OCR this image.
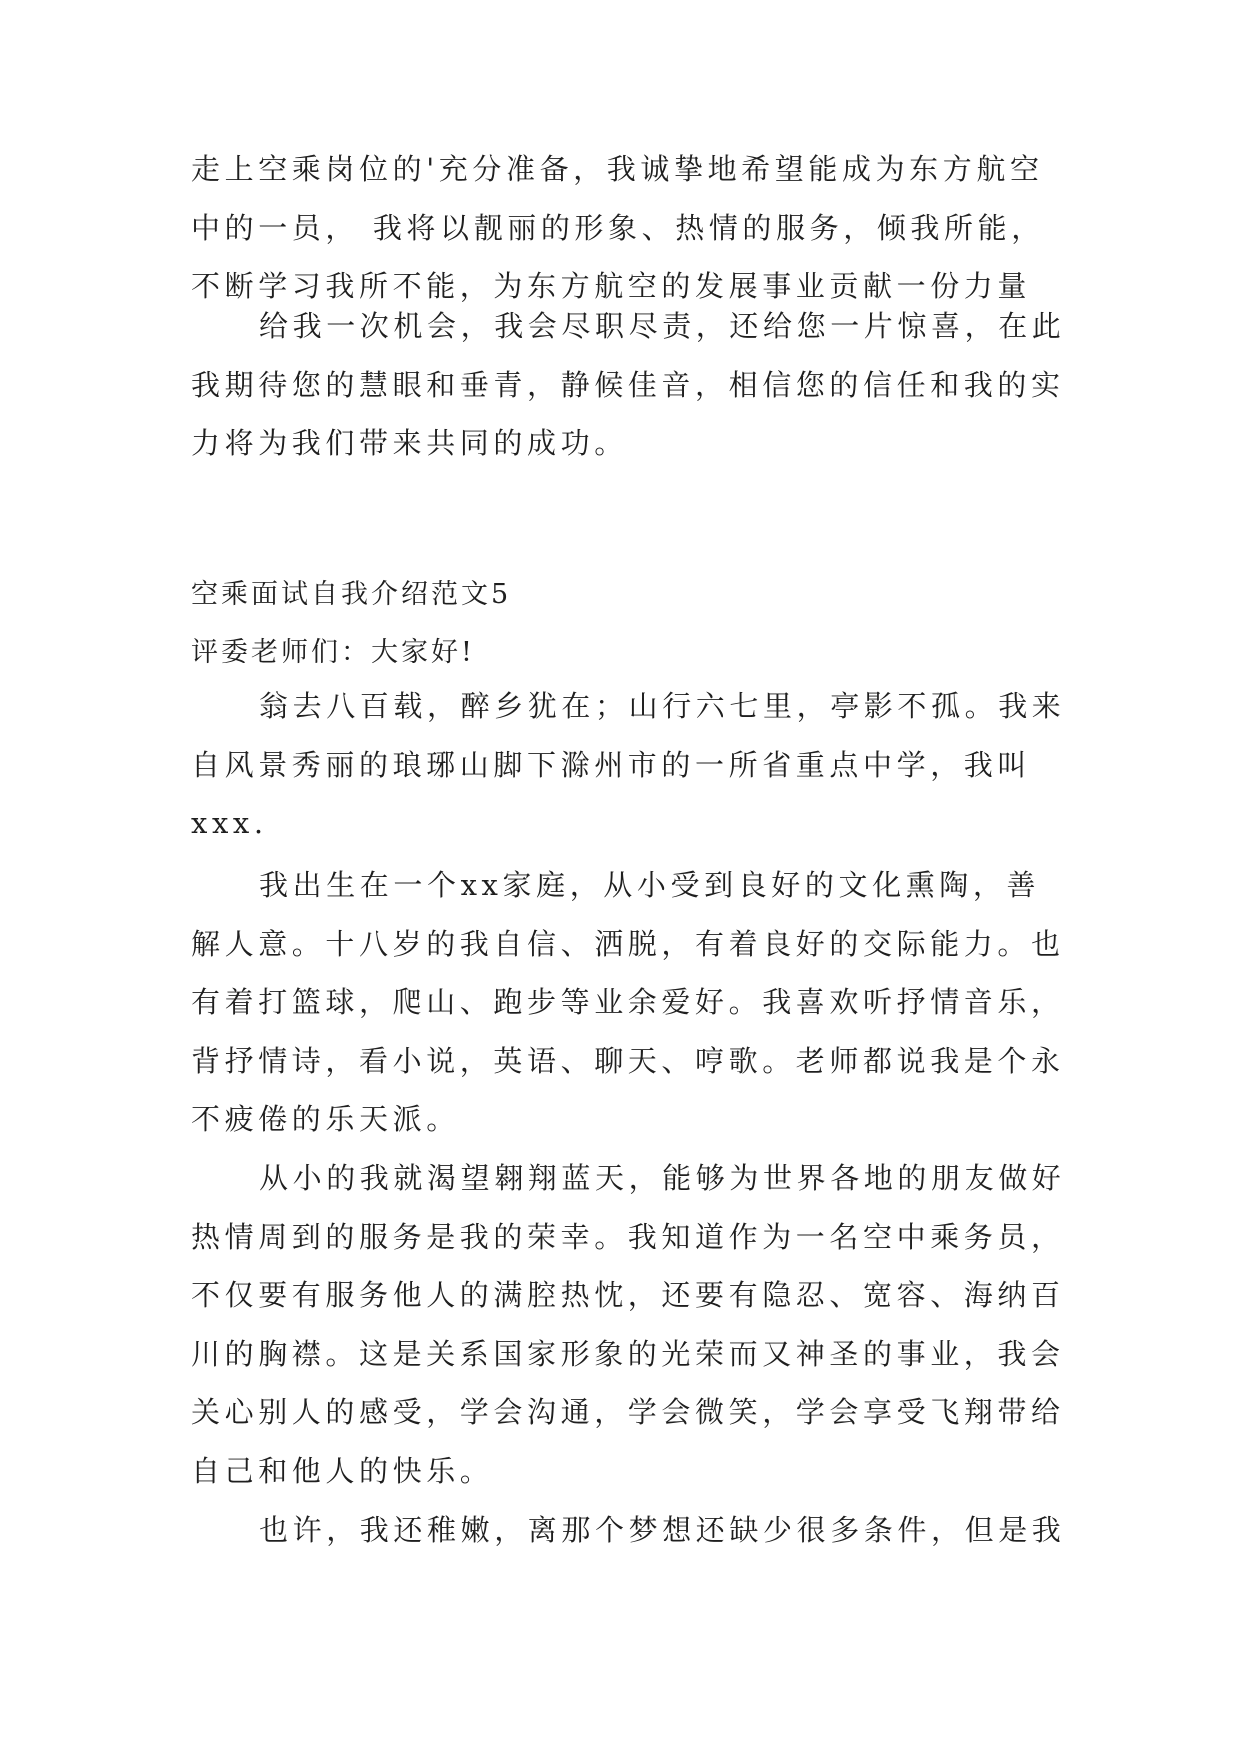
走上空乘岗位的'充分准备，我诚挚地希望能成为东方航空
中的一员， 我将以靓丽的形象、热情的服务，倾我所能，
不断学习我所不能，为东方航空的发展事业贡献一份力量
给我一次机会，我会尽职尽责，还给您一片惊喜，在此
我期待您的慧眼和垂青，静候佳音，相信您的信任和我的实
力将为我们带来共同的成功。
空乘面试自我介绍范文5
评委老师们：大家好!
翁去八百载，醉乡犹在；山行六七里，亭影不孤。我来
自风景秀丽的琅琊山脚下滁州市的一所省重点中学，我叫
xxx.
我出生在一个xx家庭，从小受到良好的文化熏陶，善
解人意。十八岁的我自信、洒脱，有着良好的交际能力。也
有着打篮球，爬山、跑步等业余爱好。我喜欢听抒情音乐，
背抒情诗，看小说，英语、聊天、哼歌。老师都说我是个永
不疲倦的乐天派。
从小的我就渴望翱翔蓝天，能够为世界各地的朋友做好
热情周到的服务是我的荣幸。我知道作为一名空中乘务员，
不仅要有服务他人的满腔热忱，还要有隐忍、宽容、海纳百
川的胸襟。这是关系国家形象的光荣而又神圣的事业，我会
关心别人的感受，学会沟通，学会微笑，学会享受飞翔带给
自己和他人的快乐。
也许，我还稚嫩，离那个梦想还缺少很多条件，但是我
